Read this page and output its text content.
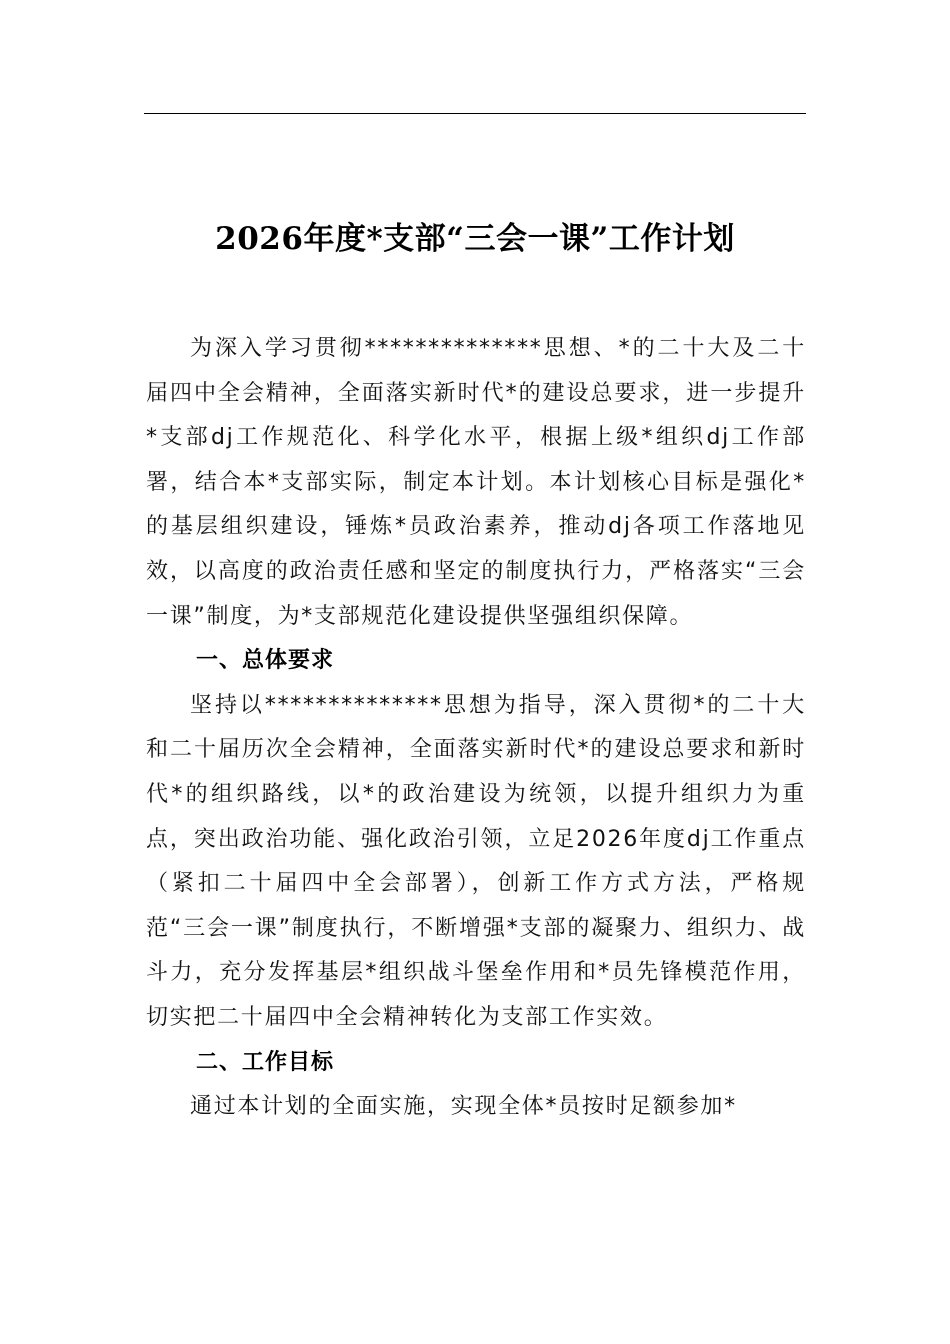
2026年度*支部“三会一课”工作计划

为深入学习贯彻**************思想、*的二十大及二十届四中全会精神，全面落实新时代*的建设总要求，进一步提升*支部dj工作规范化、科学化水平，根据上级*组织dj工作部署，结合本*支部实际，制定本计划。本计划核心目标是强化*的基层组织建设，锤炼*员政治素养，推动dj各项工作落地见效，以高度的政治责任感和坚定的制度执行力，严格落实“三会一课”制度，为*支部规范化建设提供坚强组织保障。

一、总体要求

坚持以**************思想为指导，深入贯彻*的二十大和二十届历次全会精神，全面落实新时代*的建设总要求和新时代*的组织路线，以*的政治建设为统领，以提升组织力为重点，突出政治功能、强化政治引领，立足2026年度dj工作重点（紧扣二十届四中全会部署），创新工作方式方法，严格规范“三会一课”制度执行，不断增强*支部的凝聚力、组织力、战斗力，充分发挥基层*组织战斗堡垒作用和*员先锋模范作用，切实把二十届四中全会精神转化为支部工作实效。

二、工作目标

通过本计划的全面实施，实现全体*员按时足额参加*
